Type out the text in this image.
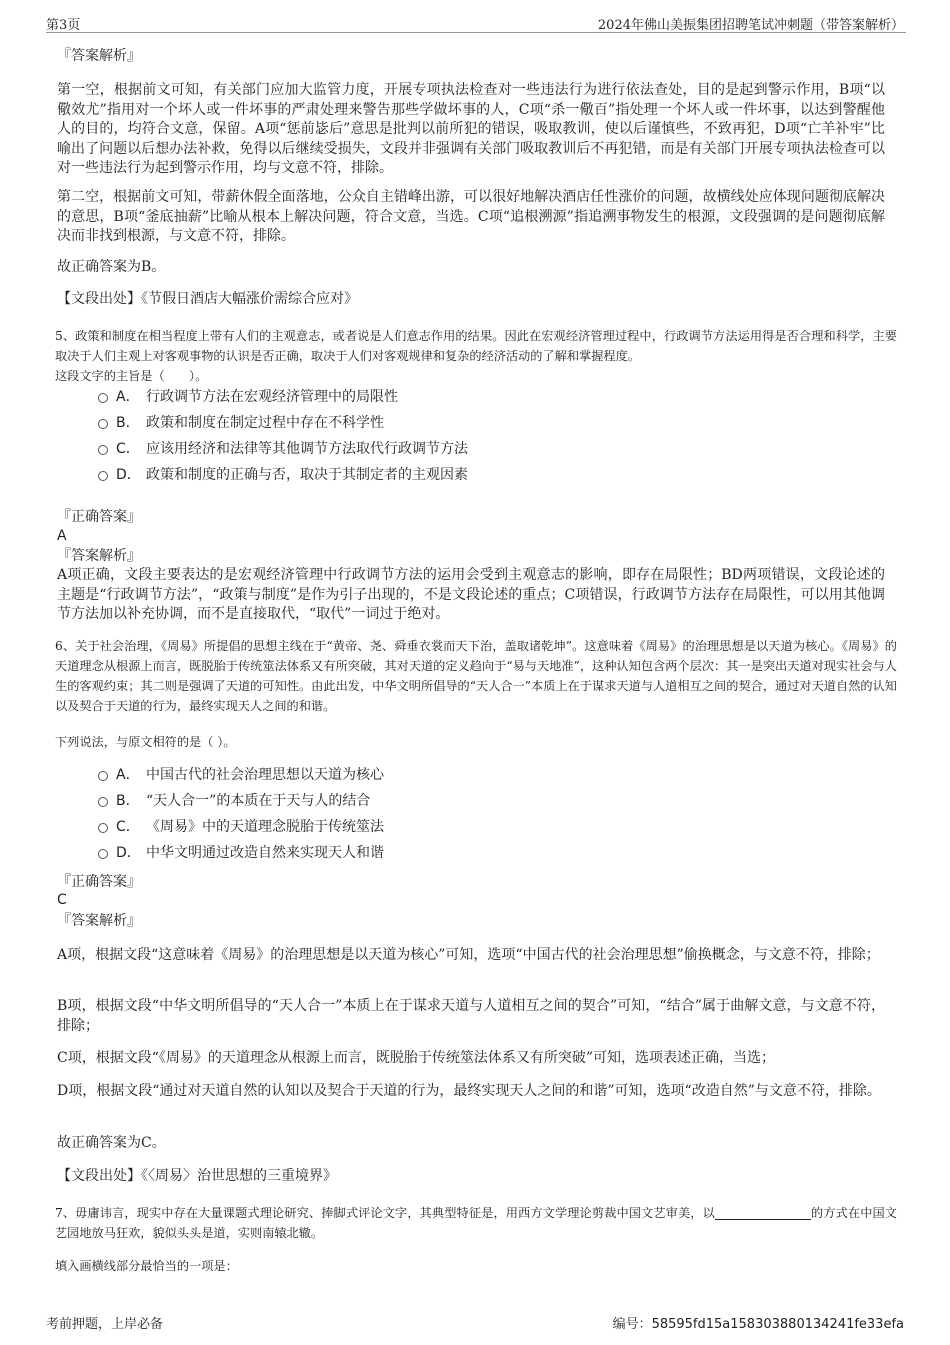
第3页	2024年佛山美振集团招聘笔试冲刺题（带答案解析）
『答案解析』
第一空，根据前文可知，有关部门应加大监管力度，开展专项执法检查对一些违法行为进行依法查处，目的是起到警示作用，B项“以儆效尤”指用对一个坏人或一件坏事的严肃处理来警告那些学做坏事的人，C项“杀一儆百”指处理一个坏人或一件坏事，以达到警醒他人的目的，均符合文意，保留。A项“惩前毖后”意思是批判以前所犯的错误，吸取教训，使以后谨慎些，不致再犯，D项“亡羊补牢”比喻出了问题以后想办法补救，免得以后继续受损失，文段并非强调有关部门吸取教训后不再犯错，而是有关部门开展专项执法检查可以对一些违法行为起到警示作用，均与文意不符，排除。
第二空，根据前文可知，带薪休假全面落地，公众自主错峰出游，可以很好地解决酒店任性涨价的问题，故横线处应体现问题彻底解决的意思，B项“釜底抽薪”比喻从根本上解决问题，符合文意，当选。C项“追根溯源”指追溯事物发生的根源，文段强调的是问题彻底解决而非找到根源，与文意不符，排除。
故正确答案为B。
【文段出处】《节假日酒店大幅涨价需综合应对》
5、政策和制度在相当程度上带有人们的主观意志，或者说是人们意志作用的结果。因此在宏观经济管理过程中，行政调节方法运用得是否合理和科学，主要取决于人们主观上对客观事物的认识是否正确，取决于人们对客观规律和复杂的经济活动的了解和掌握程度。
这段文字的主旨是（　　）。
A． 行政调节方法在宏观经济管理中的局限性
B． 政策和制度在制定过程中存在不科学性
C． 应该用经济和法律等其他调节方法取代行政调节方法
D． 政策和制度的正确与否，取决于其制定者的主观因素
『正确答案』
A
『答案解析』
A项正确，文段主要表达的是宏观经济管理中行政调节方法的运用会受到主观意志的影响，即存在局限性；BD两项错误，文段论述的主题是“行政调节方法”，“政策与制度”是作为引子出现的，不是文段论述的重点；C项错误，行政调节方法存在局限性，可以用其他调节方法加以补充协调，而不是直接取代，“取代”一词过于绝对。
6、关于社会治理，《周易》所提倡的思想主线在于“黄帝、尧、舜垂衣裳而天下治，盖取诸乾坤”。这意味着《周易》的治理思想是以天道为核心。《周易》的天道理念从根源上而言，既脱胎于传统筮法体系又有所突破，其对天道的定义趋向于“易与天地准”，这种认知包含两个层次：其一是突出天道对现实社会与人生的客观约束；其二则是强调了天道的可知性。由此出发，中华文明所倡导的“天人合一”本质上在于谋求天道与人道相互之间的契合，通过对天道自然的认知以及契合于天道的行为，最终实现天人之间的和谐。
下列说法，与原文相符的是（ ）。
A． 中国古代的社会治理思想以天道为核心
B． “天人合一”的本质在于天与人的结合
C． 《周易》中的天道理念脱胎于传统筮法
D． 中华文明通过改造自然来实现天人和谐
『正确答案』
C
『答案解析』
A项，根据文段“这意味着《周易》的治理思想是以天道为核心”可知，选项“中国古代的社会治理思想”偷换概念，与文意不符，排除；
B项，根据文段“中华文明所倡导的“天人合一”本质上在于谋求天道与人道相互之间的契合”可知，“结合”属于曲解文意，与文意不符，排除；
C项，根据文段“《周易》的天道理念从根源上而言，既脱胎于传统筮法体系又有所突破”可知，选项表述正确，当选；
D项，根据文段“通过对天道自然的认知以及契合于天道的行为，最终实现天人之间的和谐”可知，选项“改造自然”与文意不符，排除。
故正确答案为C。
【文段出处】《〈周易〉治世思想的三重境界》
7、毋庸讳言，现实中存在大量课题式理论研究、捧脚式评论文字，其典型特征是，用西方文学理论剪裁中国文艺审美，以	的方式在中国文艺园地放马狂欢，貌似头头是道，实则南辕北辙。
填入画横线部分最恰当的一项是：
考前押题，上岸必备	编号：58595fd15a158303880134241fe33efa
